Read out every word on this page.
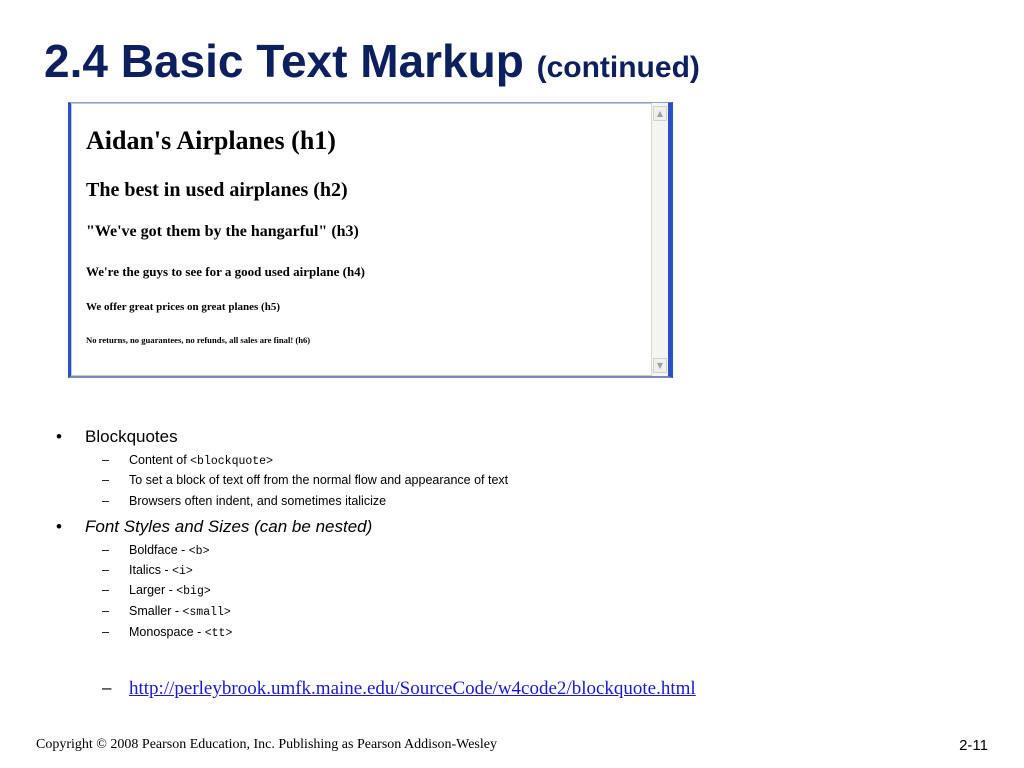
2.4 Basic Text Markup (continued)
Aidan's Airplanes (h1)
The best in used airplanes (h2)
"We've got them by the hangarful" (h3)
We're the guys to see for a good used airplane (h4)
We offer great prices on great planes (h5)
No returns, no guarantees, no refunds, all sales are final! (h6)
▲
▼
• Blockquotes
– Content of <blockquote>
– To set a block of text off from the normal flow and appearance of text
– Browsers often indent, and sometimes italicize
• Font Styles and Sizes (can be nested)
– Boldface - <b>
– Italics - <i>
– Larger - <big>
– Smaller - <small>
– Monospace - <tt>
– http://perleybrook.umfk.maine.edu/SourceCode/w4code2/blockquote.html
Copyright © 2008 Pearson Education, Inc. Publishing as Pearson Addison-Wesley	2-11
